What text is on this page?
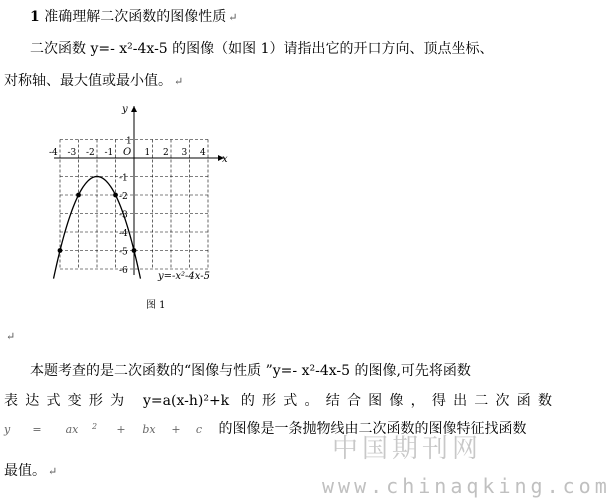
1 准确理解二次函数的图像性质 ↵
二次函数 y=- x²-4x-5 的图像（如图 1）请指出它的开口方向、顶点坐标、
对称轴、最大值或最小值。 ↵
x
y
O
-4 -3 -2 -1	1 2 3 4
1
-1
-2
-3
-4
-5
-6	y=-x²-4x-5
图 1
↵
本题考查的是二次函数的“图像与性质 ”y=- x²-4x-5 的图像,可先将函数
表达式变形为 y=a(x-h)²+k 的形式。结合图像，得出二次函数
y = ax 2 + bx + c 的图像是一条抛物线由二次函数的图像特征找函数
最值。 ↵
中国期刊网
www.chinaqking.com
